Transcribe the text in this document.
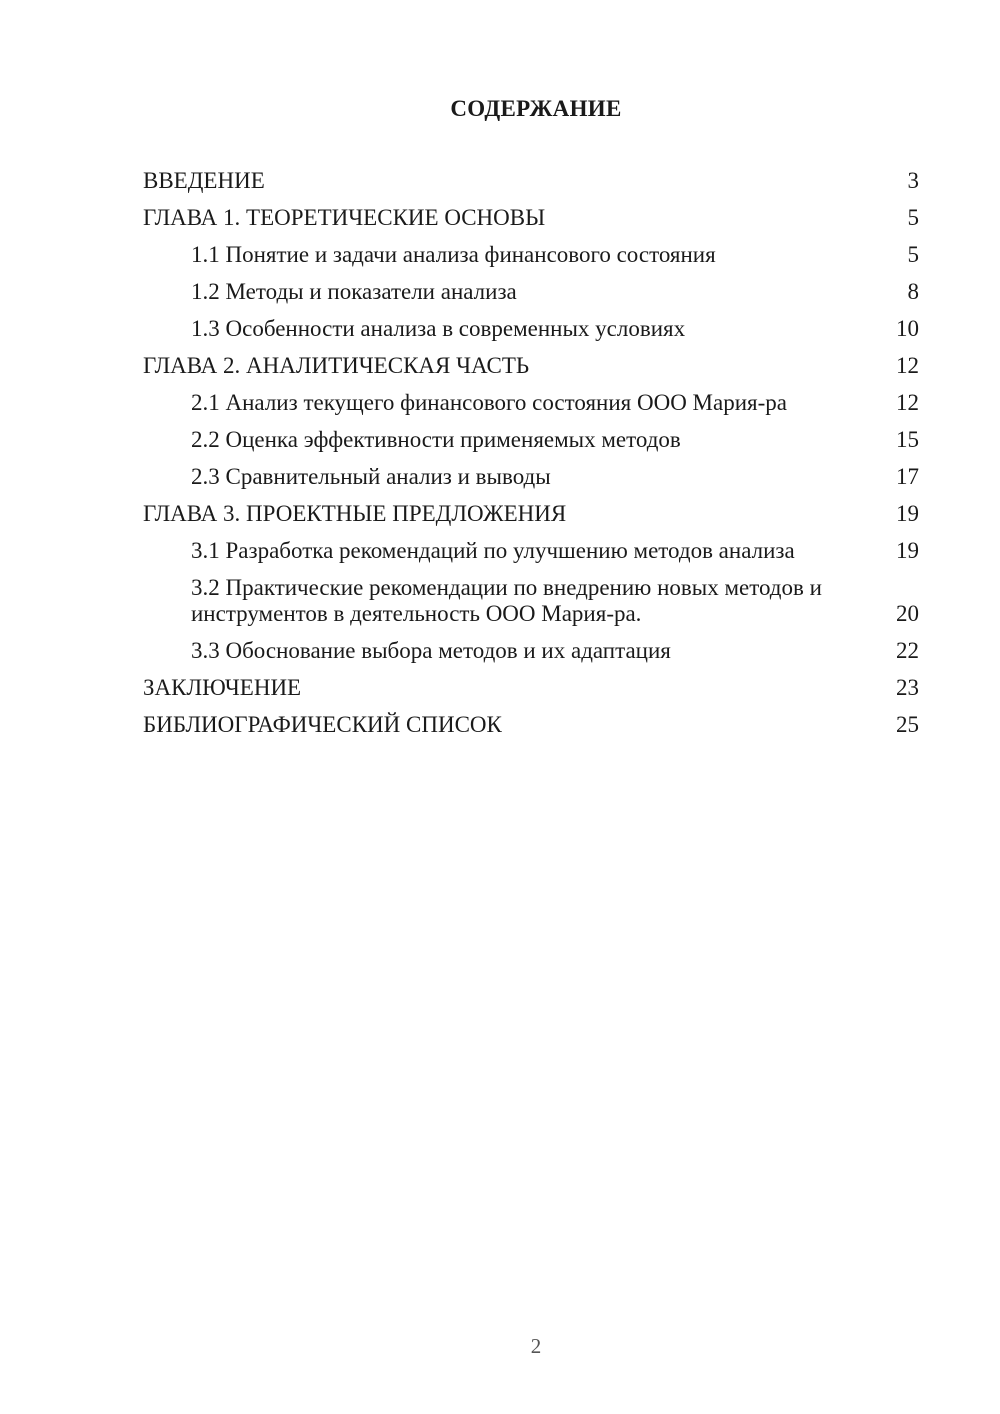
СОДЕРЖАНИЕ
ВВЕДЕНИЕ	3
ГЛАВА 1. ТЕОРЕТИЧЕСКИЕ ОСНОВЫ	5
1.1 Понятие и задачи анализа финансового состояния	5
1.2 Методы и показатели анализа	8
1.3 Особенности анализа в современных условиях	10
ГЛАВА 2. АНАЛИТИЧЕСКАЯ ЧАСТЬ	12
2.1 Анализ текущего финансового состояния ООО Мария-ра	12
2.2 Оценка эффективности применяемых методов	15
2.3 Сравнительный анализ и выводы	17
ГЛАВА 3. ПРОЕКТНЫЕ ПРЕДЛОЖЕНИЯ	19
3.1 Разработка рекомендаций по улучшению методов анализа	19
3.2 Практические рекомендации по внедрению новых методов и инструментов в деятельность ООО Мария-ра.	20
3.3 Обоснование выбора методов и их адаптация	22
ЗАКЛЮЧЕНИЕ	23
БИБЛИОГРАФИЧЕСКИЙ СПИСОК	25
2
